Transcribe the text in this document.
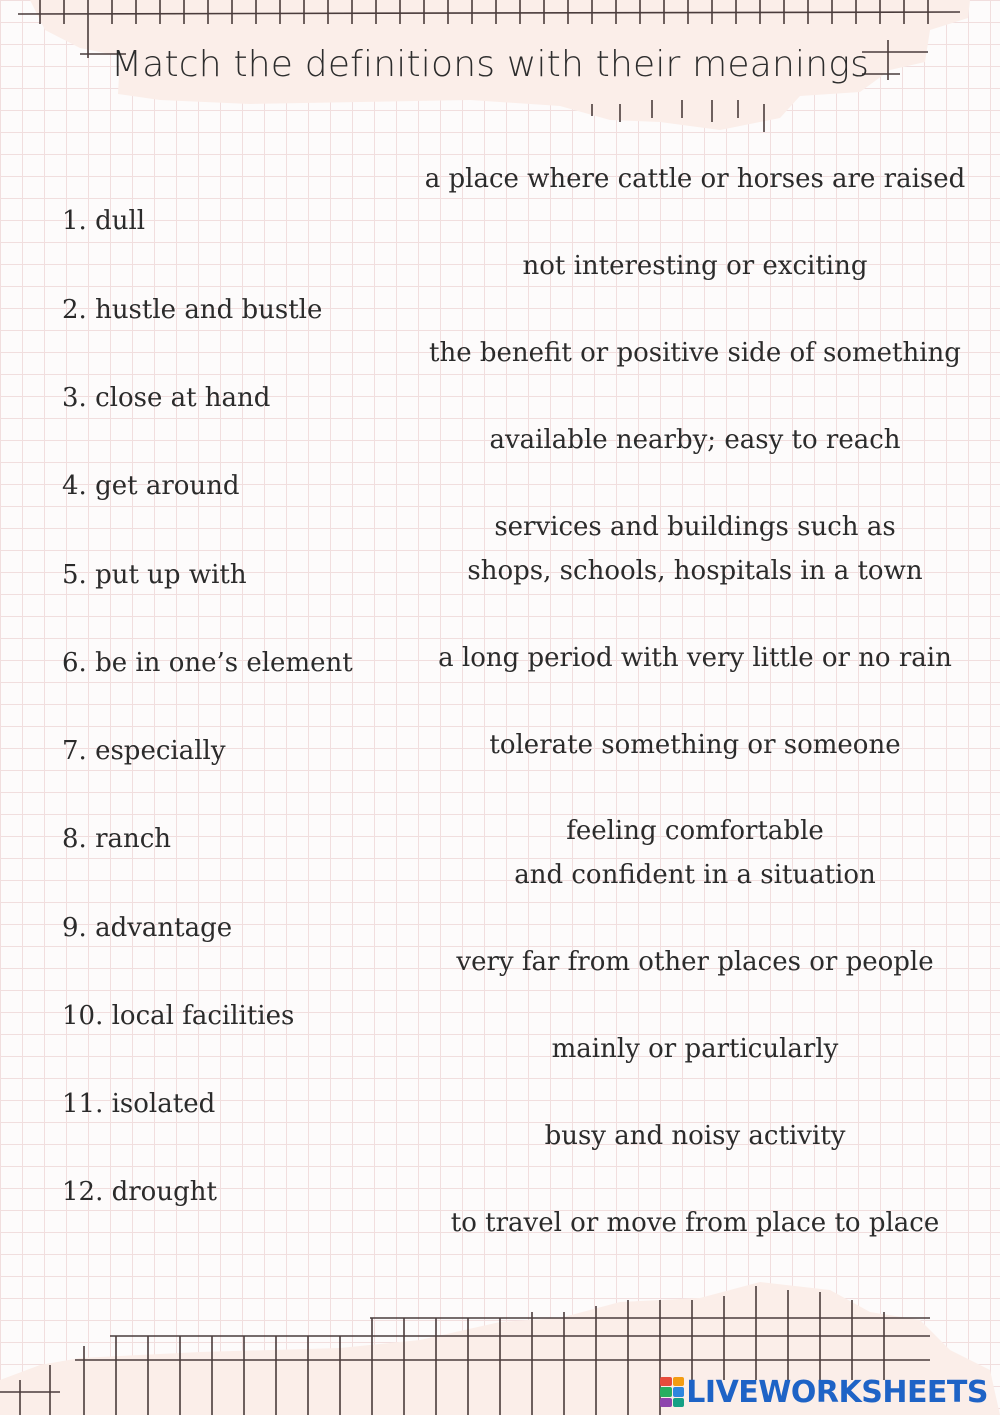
Match the definitions with their meanings
1. dull
2. hustle and bustle
3. close at hand
4. get around
5. put up with
6. be in one’s element
7. especially
8. ranch
9. advantage
10. local facilities
11. isolated
12. drought
a place where cattle or horses are raised
not interesting or exciting
the benefit or positive side of something
available nearby; easy to reach
services and buildings such as
shops, schools, hospitals in a town
a long period with very little or no rain
tolerate something or someone
feeling comfortable
and confident in a situation
very far from other places or people
mainly or particularly
busy and noisy activity
to travel or move from place to place
LIVEWORKSHEETS
